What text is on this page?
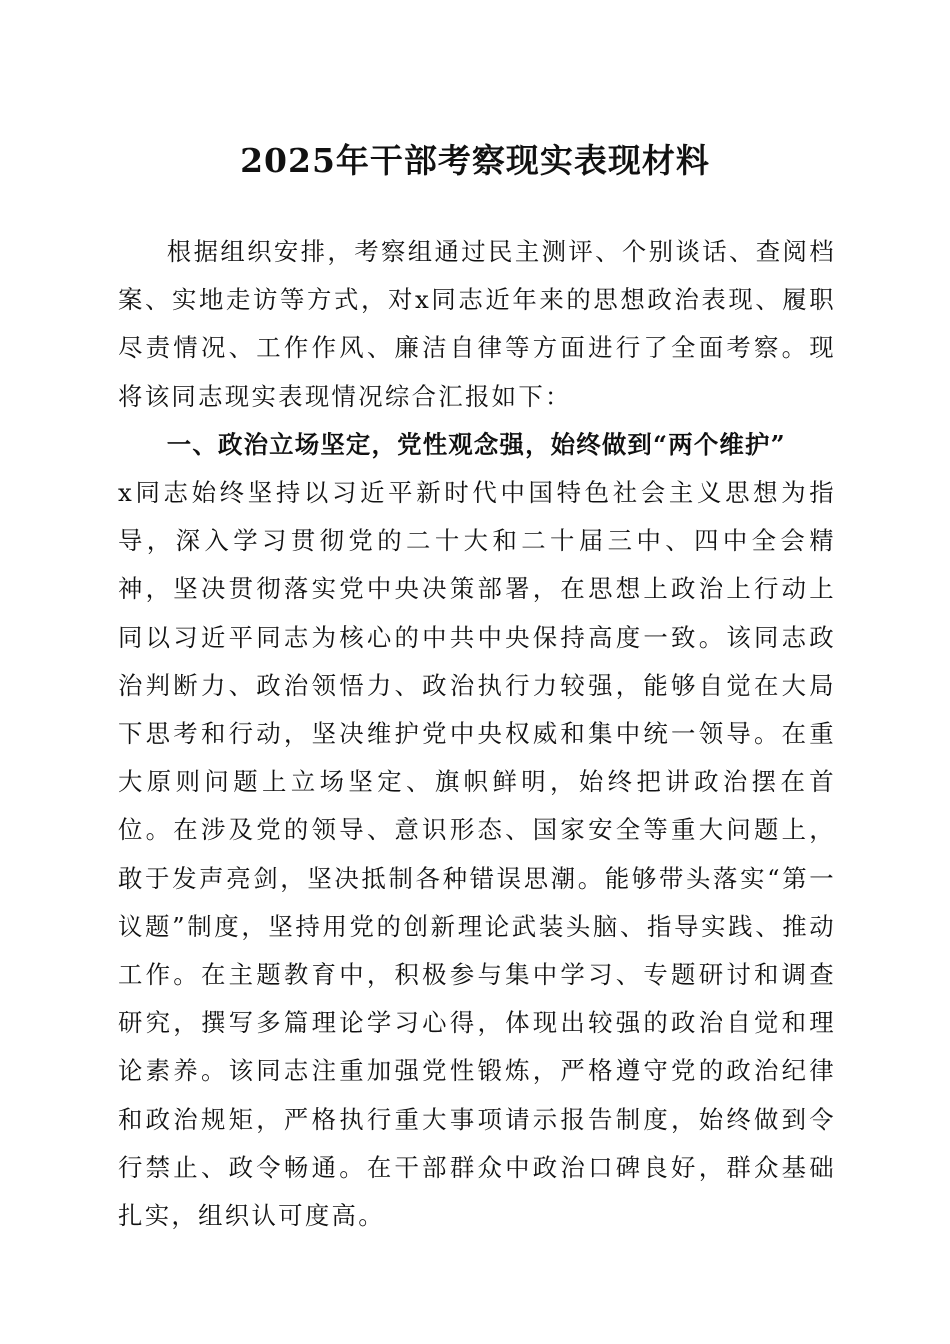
2025年干部考察现实表现材料

根据组织安排，考察组通过民主测评、个别谈话、查阅档案、实地走访等方式，对x同志近年来的思想政治表现、履职尽责情况、工作作风、廉洁自律等方面进行了全面考察。现将该同志现实表现情况综合汇报如下：

一、政治立场坚定，党性观念强，始终做到“两个维护”

x同志始终坚持以习近平新时代中国特色社会主义思想为指导，深入学习贯彻党的二十大和二十届三中、四中全会精神，坚决贯彻落实党中央决策部署，在思想上政治上行动上同以习近平同志为核心的中共中央保持高度一致。该同志政治判断力、政治领悟力、政治执行力较强，能够自觉在大局下思考和行动，坚决维护党中央权威和集中统一领导。在重大原则问题上立场坚定、旗帜鲜明，始终把讲政治摆在首位。在涉及党的领导、意识形态、国家安全等重大问题上，敢于发声亮剑，坚决抵制各种错误思潮。能够带头落实“第一议题”制度，坚持用党的创新理论武装头脑、指导实践、推动工作。在主题教育中，积极参与集中学习、专题研讨和调查研究，撰写多篇理论学习心得，体现出较强的政治自觉和理论素养。该同志注重加强党性锻炼，严格遵守党的政治纪律和政治规矩，严格执行重大事项请示报告制度，始终做到令行禁止、政令畅通。在干部群众中政治口碑良好，群众基础扎实，组织认可度高。
